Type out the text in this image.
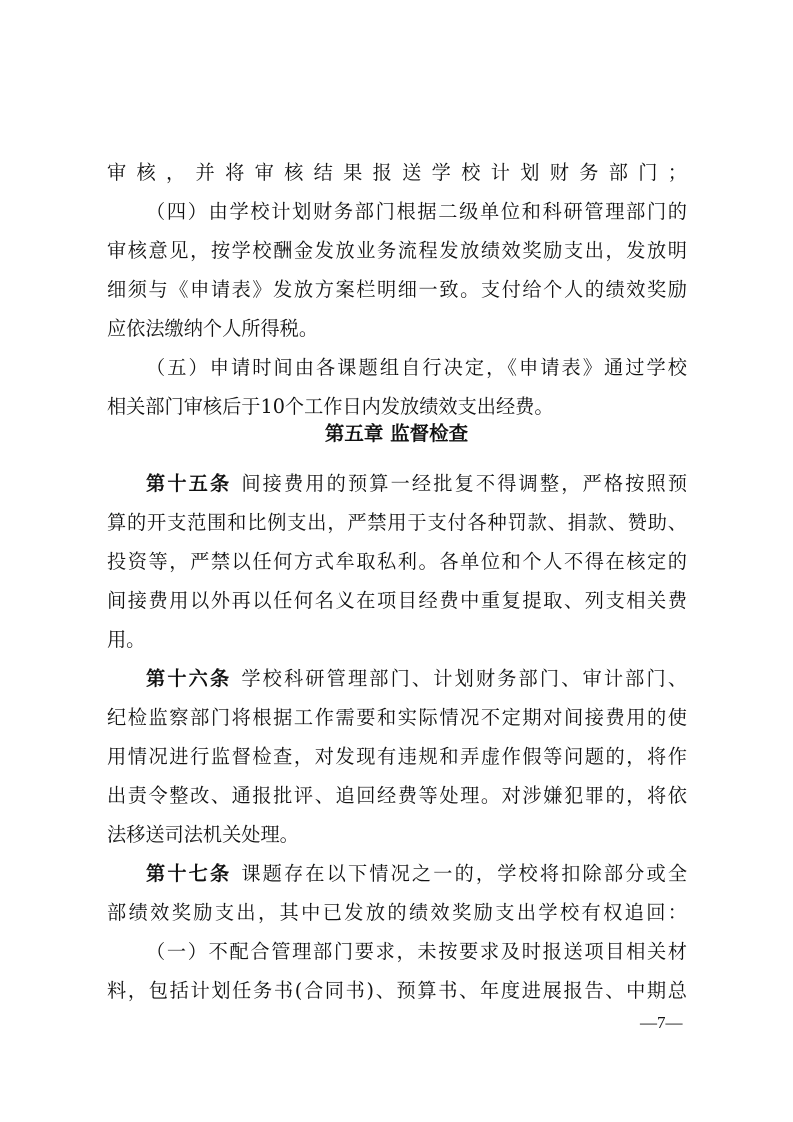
审核，并将审核结果报送学校计划财务部门；
（四）由学校计划财务部门根据二级单位和科研管理部门的
审核意见，按学校酬金发放业务流程发放绩效奖励支出，发放明
细须与《申请表》发放方案栏明细一致。支付给个人的绩效奖励
应依法缴纳个人所得税。
（五）申请时间由各课题组自行决定，《申请表》通过学校
相关部门审核后于10个工作日内发放绩效支出经费。
第五章 监督检查
第十五条 间接费用的预算一经批复不得调整，严格按照预
算的开支范围和比例支出，严禁用于支付各种罚款、捐款、赞助、
投资等，严禁以任何方式牟取私利。各单位和个人不得在核定的
间接费用以外再以任何名义在项目经费中重复提取、列支相关费
用。
第十六条 学校科研管理部门、计划财务部门、审计部门、
纪检监察部门将根据工作需要和实际情况不定期对间接费用的使
用情况进行监督检查，对发现有违规和弄虚作假等问题的，将作
出责令整改、通报批评、追回经费等处理。对涉嫌犯罪的，将依
法移送司法机关处理。
第十七条 课题存在以下情况之一的，学校将扣除部分或全
部绩效奖励支出，其中已发放的绩效奖励支出学校有权追回：
（一）不配合管理部门要求，未按要求及时报送项目相关材
料，包括计划任务书(合同书)、预算书、年度进展报告、中期总
—7—
